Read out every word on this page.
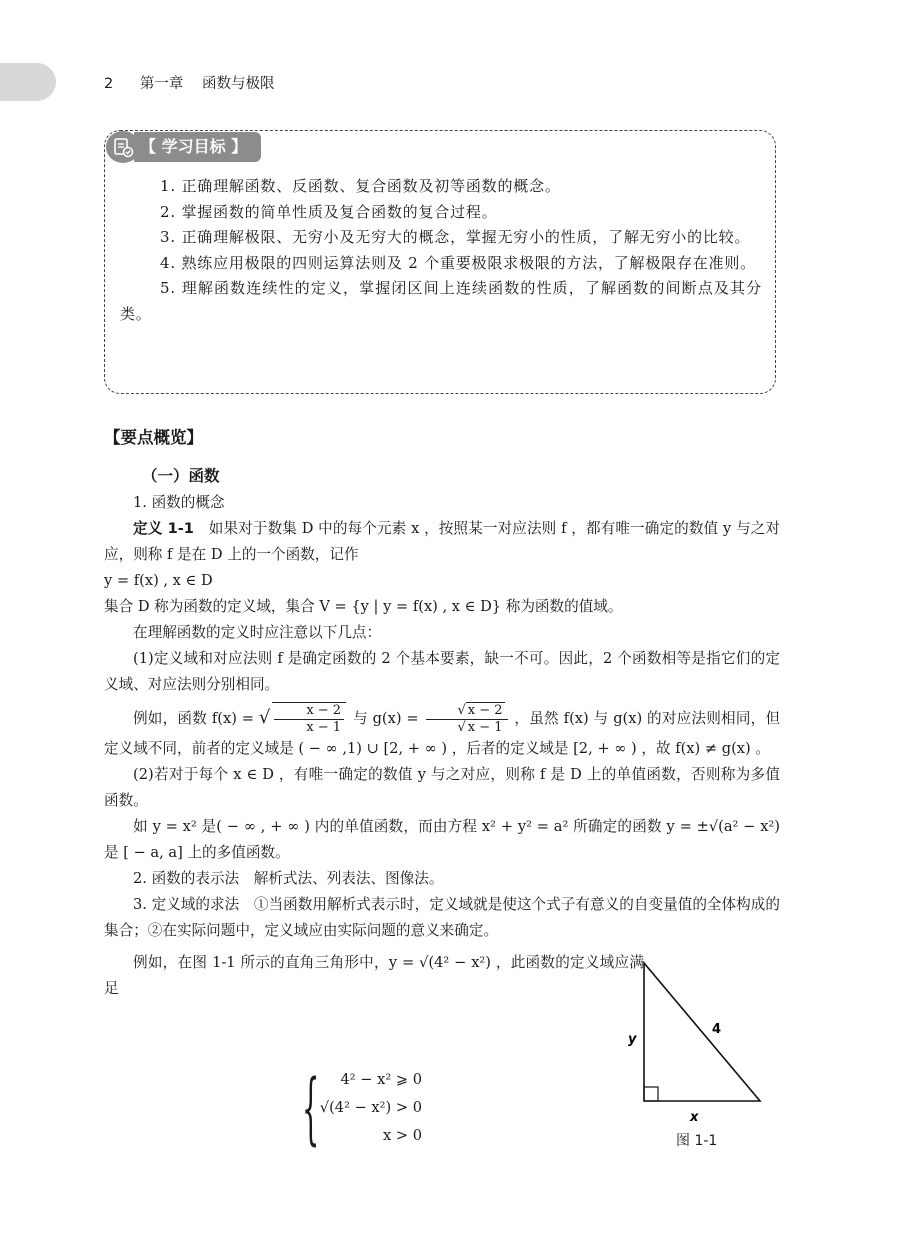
2 第一章 函数与极限
【 学习目标 】

1. 正确理解函数、反函数、复合函数及初等函数的概念。

2. 掌握函数的简单性质及复合函数的复合过程。

3. 正确理解极限、无穷小及无穷大的概念，掌握无穷小的性质，了解无穷小的比较。

4. 熟练应用极限的四则运算法则及 2 个重要极限求极限的方法，了解极限存在准则。

5. 理解函数连续性的定义，掌握闭区间上连续函数的性质，了解函数的间断点及其分类。

【要点概览】

（一）函数

1. 函数的概念

定义 1-1　 如果对于数集 D 中的每个元素 x ，按照某一对应法则 f ，都有唯一确定的数值 y 与之对应，则称 f 是在 D 上的一个函数，记作

y = f(x) , x ∈ D

集合 D 称为函数的定义域，集合 V = {y | y = f(x) , x ∈ D} 称为函数的值域。

在理解函数的定义时应注意以下几点：

(1)定义域和对应法则 f 是确定函数的 2 个基本要素，缺一不可。因此，2 个函数相等是指它们的定义域、对应法则分别相同。

例如，函数 f(x) = √ $\frac{x - 2}{x - 1}$ 与 $g(x) = \frac{√ x - 2}{√ x - 1}$ ，虽然 f(x) 与 g(x) 的对应法则相同，但定义域不同，前者的定义域是 ( − ∞ ,1) ∪ [2, + ∞ ) ，后者的定义域是 [2, + ∞ ) ，故 f(x) ≠ g(x) 。

(2)若对于每个 x ∈ D ，有唯一确定的数值 y 与之对应，则称 f 是 D 上的单值函数，否则称为多值函数。

如 y = x² 是( − ∞ , + ∞ ) 内的单值函数，而由方程 x² + y² = a² 所确定的函数 y = ±√(a² − x²) 是 [ − a, a] 上的多值函数。

2. 函数的表示法　解析式法、列表法、图像法。

3. 定义域的求法　①当函数用解析式表示时，定义域就是使这个式子有意义的自变量值的全体构成的集合；②在实际问题中，定义域应由实际问题的意义来确定。

例如，在图 1-1 所示的直角三角形中，y = √(4² − x²) ，此函数的定义域应满足

{	4² − x² ⩾ 0
√(4² − x²) > 0
x > 0
y
4
x
图 1-1
